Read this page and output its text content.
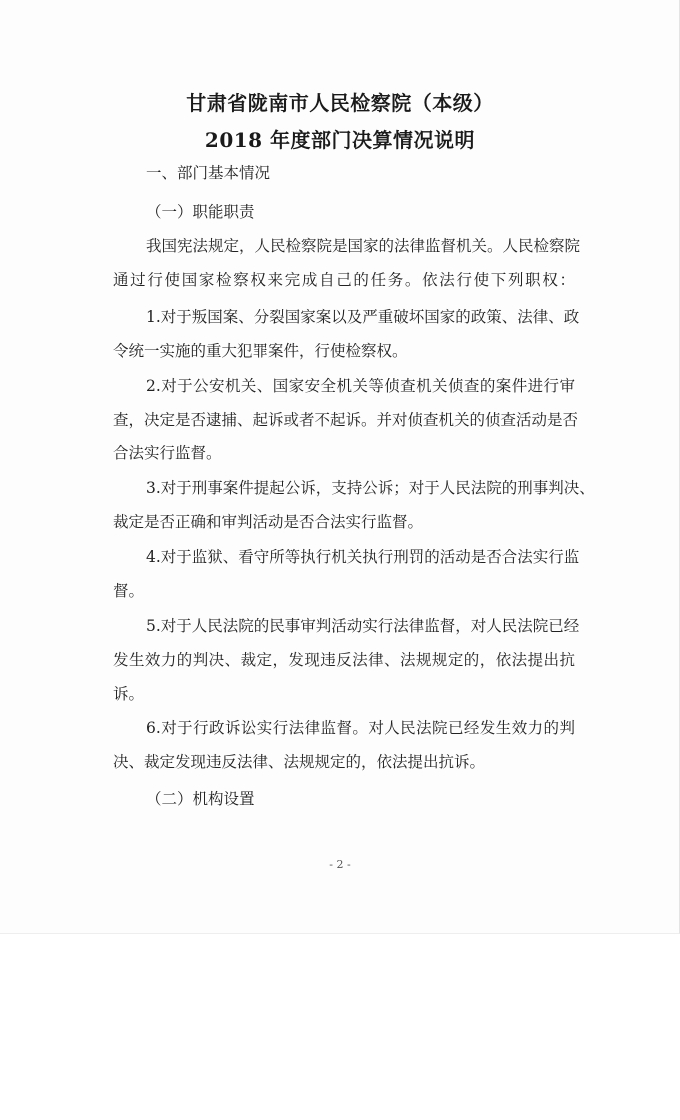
甘肃省陇南市人民检察院（本级）
2018 年度部门决算情况说明
一、部门基本情况
（一）职能职责
我国宪法规定，人民检察院是国家的法律监督机关。人民检察院
通过行使国家检察权来完成自己的任务。依法行使下列职权：
1.对于叛国案、分裂国家案以及严重破坏国家的政策、法律、政
令统一实施的重大犯罪案件，行使检察权。
2.对于公安机关、国家安全机关等侦查机关侦查的案件进行审
查，决定是否逮捕、起诉或者不起诉。并对侦查机关的侦查活动是否
合法实行监督。
3.对于刑事案件提起公诉，支持公诉；对于人民法院的刑事判决、
裁定是否正确和审判活动是否合法实行监督。
4.对于监狱、看守所等执行机关执行刑罚的活动是否合法实行监
督。
5.对于人民法院的民事审判活动实行法律监督，对人民法院已经
发生效力的判决、裁定，发现违反法律、法规规定的，依法提出抗
诉。
6.对于行政诉讼实行法律监督。对人民法院已经发生效力的判
决、裁定发现违反法律、法规规定的，依法提出抗诉。
（二）机构设置
- 2 -
